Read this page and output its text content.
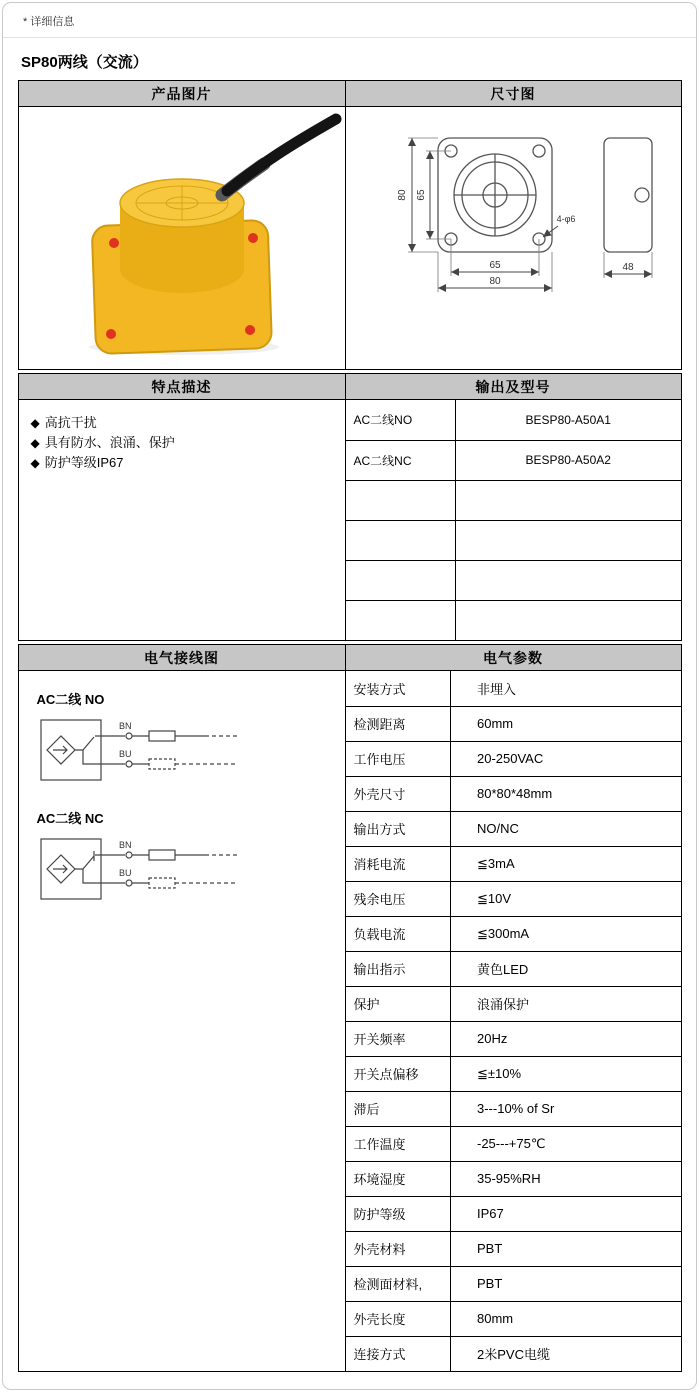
* 详细信息
SP80两线（交流）
产品图片	尺寸图

80 65
65
80
48
4-φ6
特点描述	输出及型号

◆ 高抗干扰
◆ 具有防水、浪涌、保护
◆ 防护等级IP67

AC二线NO	BESP80-A50A1
AC二线NC	BESP80-A50A2

电气接线图	电气参数

AC二线 NO
BN
BU
AC二线 NC
BN
BU

安装方式	非埋入
检测距离	60mm
工作电压	20-250VAC
外壳尺寸	80*80*48mm
输出方式	NO/NC
消耗电流	≦3mA
残余电压	≦10V
负载电流	≦300mA
输出指示	黄色LED
保护	浪涌保护
开关频率	20Hz
开关点偏移	≦±10%
滞后	3---10% of Sr
工作温度	-25---+75℃
环境湿度	35-95%RH
防护等级	IP67
外壳材料	PBT
检测面材料,	PBT
外壳长度	80mm
连接方式	2米PVC电缆
